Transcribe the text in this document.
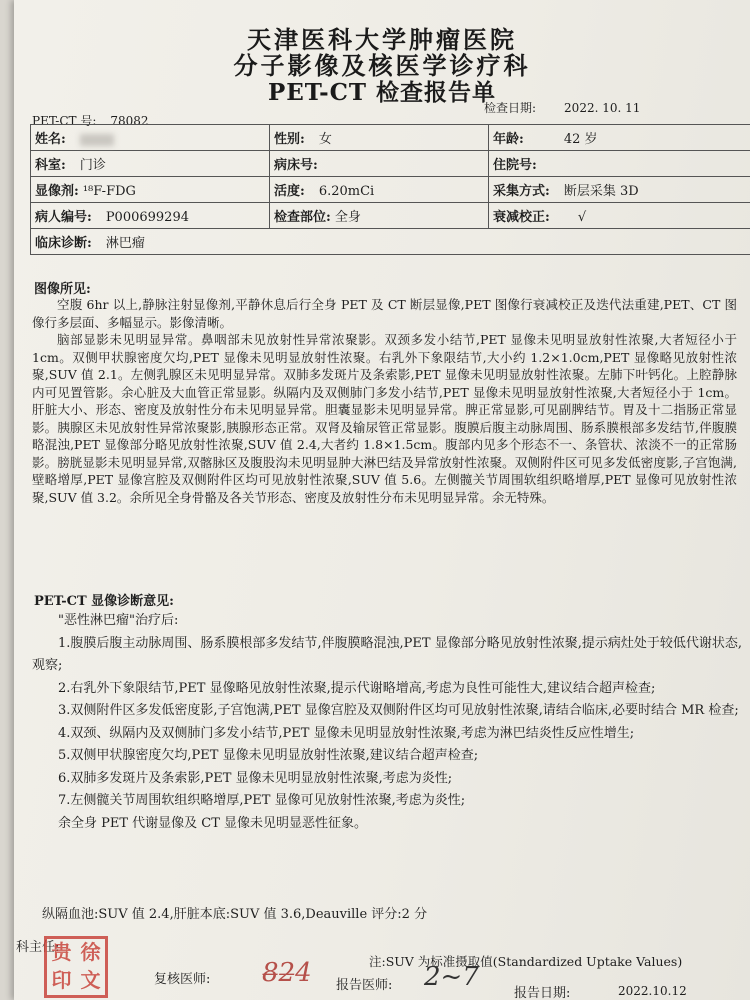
天津医科大学肿瘤医院
分子影像及核医学诊疗科
PET-CT 检查报告单
检查日期: 2022. 10. 11
PET-CT 号: 78082
姓名:	性别: 女	年龄: 42 岁
科室: 门诊	病床号:	住院号:
显像剂: ¹⁸F-FDG	活度: 6.20mCi	采集方式: 断层采集 3D
病人编号: P000699294	检查部位: 全身	衰减校正: √
临床诊断: 淋巴瘤		
图像所见:

空腹 6hr 以上,静脉注射显像剂,平静休息后行全身 PET 及 CT 断层显像,PET 图像行衰减校正及迭代法重建,PET、CT 图像行多层面、多幅显示。影像清晰。

脑部显影未见明显异常。鼻咽部未见放射性异常浓聚影。双颈多发小结节,PET 显像未见明显放射性浓聚,大者短径小于 1cm。双侧甲状腺密度欠均,PET 显像未见明显放射性浓聚。右乳外下象限结节,大小约 1.2×1.0cm,PET 显像略见放射性浓聚,SUV 值 2.1。左侧乳腺区未见明显异常。双肺多发斑片及条索影,PET 显像未见明显放射性浓聚。左肺下叶钙化。上腔静脉内可见置管影。余心脏及大血管正常显影。纵隔内及双侧肺门多发小结节,PET 显像未见明显放射性浓聚,大者短径小于 1cm。肝脏大小、形态、密度及放射性分布未见明显异常。胆囊显影未见明显异常。脾正常显影,可见副脾结节。胃及十二指肠正常显影。胰腺区未见放射性异常浓聚影,胰腺形态正常。双肾及输尿管正常显影。腹膜后腹主动脉周围、肠系膜根部多发结节,伴腹膜略混浊,PET 显像部分略见放射性浓聚,SUV 值 2.4,大者约 1.8×1.5cm。腹部内见多个形态不一、条管状、浓淡不一的正常肠影。膀胱显影未见明显异常,双髂脉区及腹股沟未见明显肿大淋巴结及异常放射性浓聚。双侧附件区可见多发低密度影,子宫饱满,壁略增厚,PET 显像宫腔及双侧附件区均可见放射性浓聚,SUV 值 5.6。左侧髋关节周围软组织略增厚,PET 显像可见放射性浓聚,SUV 值 3.2。余所见全身骨骼及各关节形态、密度及放射性分布未见明显异常。余无特殊。

PET-CT 显像诊断意见:

"恶性淋巴瘤"治疗后:

1.腹膜后腹主动脉周围、肠系膜根部多发结节,伴腹膜略混浊,PET 显像部分略见放射性浓聚,提示病灶处于较低代谢状态,观察;

2.右乳外下象限结节,PET 显像略见放射性浓聚,提示代谢略增高,考虑为良性可能性大,建议结合超声检查;

3.双侧附件区多发低密度影,子宫饱满,PET 显像宫腔及双侧附件区均可见放射性浓聚,请结合临床,必要时结合 MR 检查;

4.双颈、纵隔内及双侧肺门多发小结节,PET 显像未见明显放射性浓聚,考虑为淋巴结炎性反应性增生;

5.双侧甲状腺密度欠均,PET 显像未见明显放射性浓聚,建议结合超声检查;

6.双肺多发斑片及条索影,PET 显像未见明显放射性浓聚,考虑为炎性;

7.左侧髋关节周围软组织略增厚,PET 显像可见放射性浓聚,考虑为炎性;

余全身 PET 代谢显像及 CT 显像未见明显恶性征象。

纵隔血池:SUV 值 2.4,肝脏本底:SUV 值 3.6,Deauville 评分:2 分
科主任:
贵 徐
印 文
注:SUV 为标准摄取值(Standardized Uptake Values)
复核医师: 8̶2̶4 报告医师: 2~7
报告日期:	2022.10.12
